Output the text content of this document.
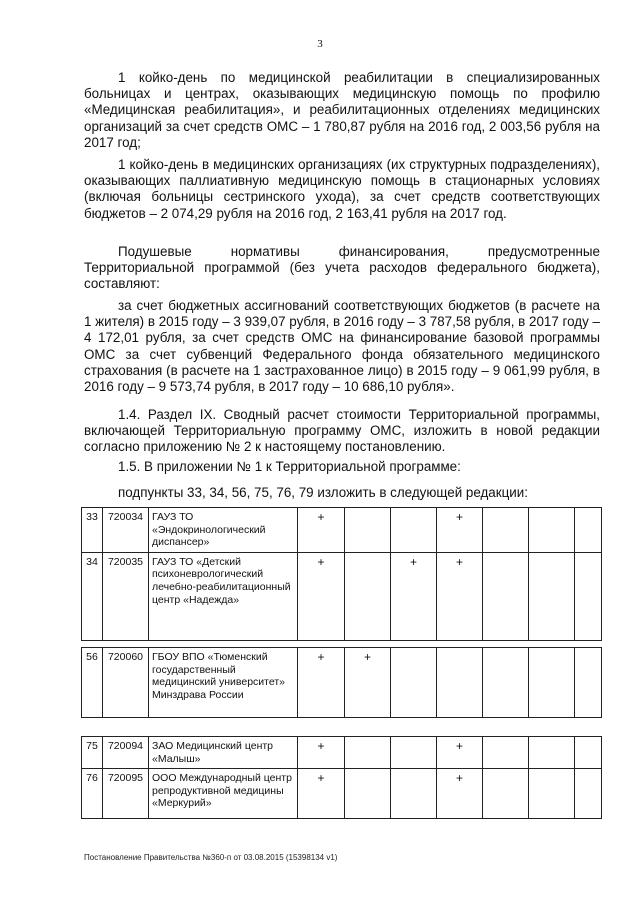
3

1 койко-день по медицинской реабилитации в специализированных больницах и центрах, оказывающих медицинскую помощь по профилю «Медицинская реабилитация», и реабилитационных отделениях медицинских организаций за счет средств ОМС – 1 780,87 рубля на 2016 год, 2 003,56 рубля на 2017 год;

1 койко-день в медицинских организациях (их структурных подразделениях), оказывающих паллиативную медицинскую помощь в стационарных условиях (включая больницы сестринского ухода), за счет средств соответствующих бюджетов – 2 074,29 рубля на 2016 год, 2 163,41 рубля на 2017 год.

Подушевые нормативы финансирования, предусмотренные Территориальной программой (без учета расходов федерального бюджета), составляют:

за счет бюджетных ассигнований соответствующих бюджетов (в расчете на 1 жителя) в 2015 году – 3 939,07 рубля, в 2016 году – 3 787,58 рубля, в 2017 году – 4 172,01 рубля, за счет средств ОМС на финансирование базовой программы ОМС за счет субвенций Федерального фонда обязательного медицинского страхования (в расчете на 1 застрахованное лицо) в 2015 году – 9 061,99 рубля, в 2016 году – 9 573,74 рубля, в 2017 году – 10 686,10 рубля».

1.4. Раздел IX. Сводный расчет стоимости Территориальной программы, включающей Территориальную программу ОМС, изложить в новой редакции согласно приложению № 2 к настоящему постановлению.

1.5. В приложении № 1 к Территориальной программе:

подпункты 33, 34, 56, 75, 76, 79 изложить в следующей редакции:

33	720034	ГАУЗ ТО «Эндокринологический диспансер»	+			+				
34	720035	ГАУЗ ТО «Детский психоневрологический лечебно-реабилитационный центр «Надежда»	+		+	+				
56	720060	ГБОУ ВПО «Тюменский государственный медицинский университет» Минздрава России	+	+						
75	720094	ЗАО Медицинский центр «Малыш»	+			+				
76	720095	ООО Международный центр репродуктивной медицины «Меркурий»	+			+				
Постановление Правительства №360-п от 03.08.2015 (15398134 v1)
